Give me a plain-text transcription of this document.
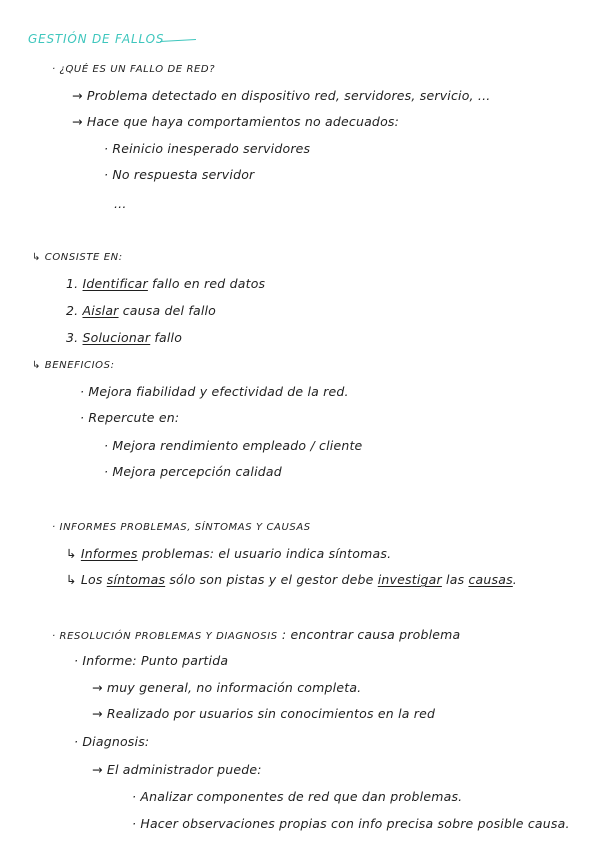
GESTIÓN DE FALLOS
· ¿QUÉ ES UN FALLO DE RED?
→ Problema detectado en dispositivo red, servidores, servicio, ...
→ Hace que haya comportamientos no adecuados:
· Reinicio inesperado servidores
· No respuesta servidor
...
↳ CONSISTE EN:
1. Identificar fallo en red datos
2. Aislar causa del fallo
3. Solucionar fallo
↳ BENEFICIOS:
· Mejora fiabilidad y efectividad de la red.
· Repercute en:
· Mejora rendimiento empleado / cliente
· Mejora percepción calidad
· INFORMES PROBLEMAS, SÍNTOMAS Y CAUSAS
↳ Informes problemas: el usuario indica síntomas.
↳ Los síntomas sólo son pistas y el gestor debe investigar las causas.
· RESOLUCIÓN PROBLEMAS Y DIAGNOSIS : encontrar causa problema
· Informe: Punto partida
→ muy general, no información completa.
→ Realizado por usuarios sin conocimientos en la red
· Diagnosis:
→ El administrador puede:
· Analizar componentes de red que dan problemas.
· Hacer observaciones propias con info precisa sobre posible causa.
